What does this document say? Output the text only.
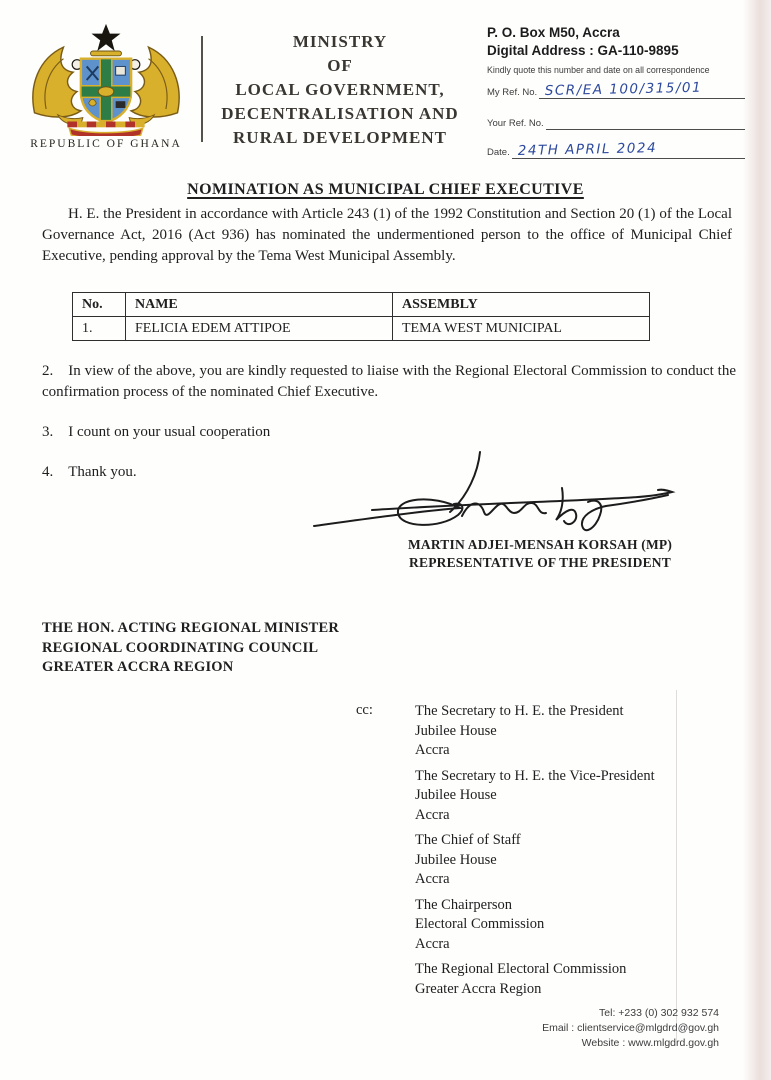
REPUBLIC OF GHANA
MINISTRY
OF
LOCAL GOVERNMENT,
DECENTRALISATION AND
RURAL DEVELOPMENT
P. O. Box M50, Accra
Digital Address : GA-110-9895
Kindly quote this number and date on all correspondence
My Ref. No. SCR/EA 100/315/01
Your Ref. No.
Date. 24TH APRIL 2024
NOMINATION AS MUNICIPAL CHIEF EXECUTIVE
H. E. the President in accordance with Article 243 (1) of the 1992 Constitution and Section 20 (1) of the Local Governance Act, 2016 (Act 936) has nominated the undermentioned person to the office of Municipal Chief Executive, pending approval by the Tema West Municipal Assembly.
No.	NAME	ASSEMBLY
1.	FELICIA EDEM ATTIPOE	TEMA WEST MUNICIPAL

2. In view of the above, you are kindly requested to liaise with the Regional Electoral Commission to conduct the confirmation process of the nominated Chief Executive.

3. I count on your usual cooperation

4. Thank you.

MARTIN ADJEI-MENSAH KORSAH (MP)
REPRESENTATIVE OF THE PRESIDENT
THE HON. ACTING REGIONAL MINISTER
REGIONAL COORDINATING COUNCIL
GREATER ACCRA REGION
cc:	The Secretary to H. E. the President
Jubilee House
Accra
The Secretary to H. E. the Vice-President
Jubilee House
Accra
The Chief of Staff
Jubilee House
Accra
The Chairperson
Electoral Commission
Accra
The Regional Electoral Commission
Greater Accra Region
Tel: +233 (0) 302 932 574
Email : clientservice@mlgdrd@gov.gh
Website : www.mlgdrd.gov.gh
